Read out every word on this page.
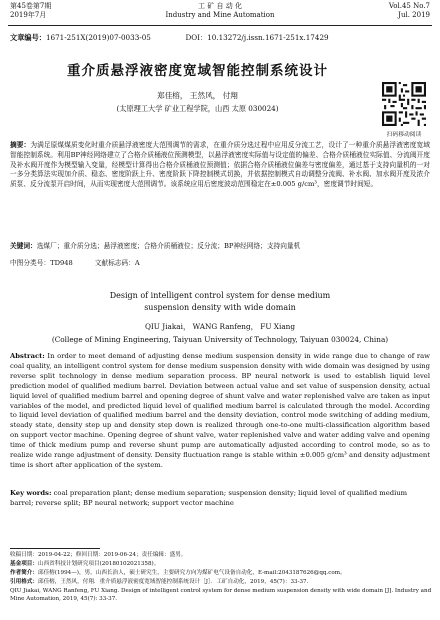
第45卷第7期
2019年7月
工 矿 自 动 化
Industry and Mine Automation
Vol.45 No.7
Jul. 2019
文章编号：1671-251X(2019)07-0033-05	DOI：10.13272/j.issn.1671-251x.17429
重介质悬浮液密度宽域智能控制系统设计
郑佳榕， 王然风， 付翔
(太原理工大学 矿业工程学院，山西 太原 030024)
扫码移动阅读
摘要：为满足原煤煤质变化时重介质悬浮液密度大范围调节的需求，在重介质分选过程中应用反分流工艺，设计了一种重介质悬浮液密度宽域智能控制系统。利用BP神经网络建立了合格介质桶液位预测模型，以悬浮液密度实际值与设定值的偏差、合格介质桶液位实际值、分流阀开度及补水阀开度作为模型输入变量，经模型计算得出合格介质桶液位预测值；依据合格介质桶液位偏差与密度偏差，通过基于支持向量机的一对一多分类算法实现加介质、稳态、密度阶跃上升、密度阶跃下降控制模式切换，并依据控制模式自动调整分流阀、补水阀、加水阀开度及浓介质泵、反分流泵开启时间，从而实现密度大范围调节。该系统应用后密度波动范围稳定在±0.005 g/cm³，密度调节时间短。
关键词：选煤厂；重介质分选；悬浮液密度；合格介质桶液位；反分流；BP神经网络；支持向量机
中图分类号：TD948	文献标志码：A
Design of intelligent control system for dense medium
suspension density with wide domain
QIU Jiakai， WANG Ranfeng， FU Xiang
(College of Mining Engineering, Taiyuan University of Technology, Taiyuan 030024, China)
Abstract: In order to meet demand of adjusting dense medium suspension density in wide range due to change of raw coal quality, an intelligent control system for dense medium suspension density with wide domain was designed by using reverse split technology in dense medium separation process. BP neural network is used to establish liquid level prediction model of qualified medium barrel. Deviation between actual value and set value of suspension density, actual liquid level of qualified medium barrel and opening degree of shunt valve and water replenished valve are taken as input variables of the model, and predicted liquid level of qualified medium barrel is calculated through the model. According to liquid level deviation of qualified medium barrel and the density deviation, control mode switching of adding medium, steady state, density step up and density step down is realized through one-to-one multi-classification algorithm based on support vector machine. Opening degree of shunt valve, water replenished valve and water adding valve and opening time of thick medium pump and reverse shunt pump are automatically adjusted according to control mode, so as to realize wide range adjustment of density. Density fluctuation range is stable within ±0.005 g/cm³ and density adjustment time is short after application of the system.
Key words: coal preparation plant; dense medium separation; suspension density; liquid level of qualified medium barrel; reverse split; BP neural network; support vector machine
收稿日期：2019-04-22；修回日期：2019-06-24；责任编辑：盛男。
基金项目：山西省科技计划研究项目(20180102021358)。
作者简介：邱佳榕(1994—)，男，山西长治人，硕士研究生，主要研究方向为煤矿电气设备自动化，E-mail:2043187626@qq.com。
引用格式：邱佳榕，王然风，付翔．重介质悬浮液密度宽域智能控制系统设计［J］．工矿自动化，2019，45(7)：33-37．
QIU Jiakai, WANG Ranfeng, FU Xiang. Design of intelligent control system for dense medium suspension density with wide domain [J]. Industry and Mine Automation, 2019, 45(7): 33-37.
